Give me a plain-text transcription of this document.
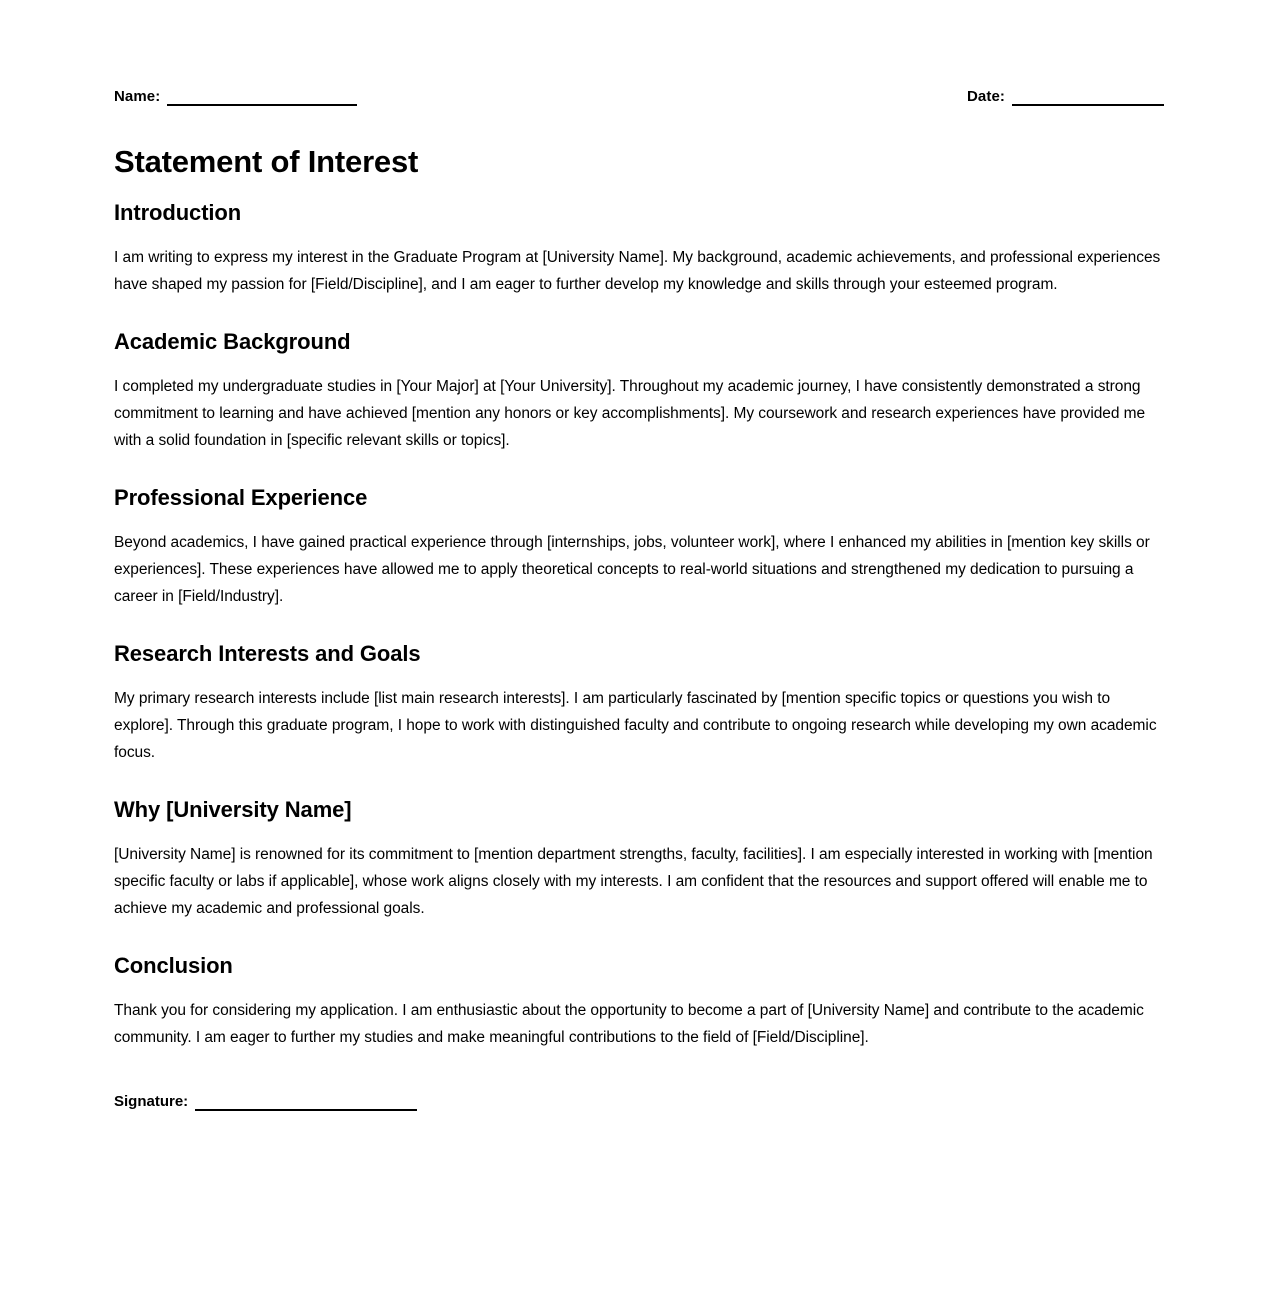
Name:	Date:
Statement of Interest
Introduction

I am writing to express my interest in the Graduate Program at [University Name]. My background, academic achievements, and professional experiences have shaped my passion for [Field/Discipline], and I am eager to further develop my knowledge and skills through your esteemed program.

Academic Background

I completed my undergraduate studies in [Your Major] at [Your University]. Throughout my academic journey, I have consistently demonstrated a strong commitment to learning and have achieved [mention any honors or key accomplishments]. My coursework and research experiences have provided me with a solid foundation in [specific relevant skills or topics].

Professional Experience

Beyond academics, I have gained practical experience through [internships, jobs, volunteer work], where I enhanced my abilities in [mention key skills or experiences]. These experiences have allowed me to apply theoretical concepts to real-world situations and strengthened my dedication to pursuing a career in [Field/Industry].

Research Interests and Goals

My primary research interests include [list main research interests]. I am particularly fascinated by [mention specific topics or questions you wish to explore]. Through this graduate program, I hope to work with distinguished faculty and contribute to ongoing research while developing my own academic focus.

Why [University Name]

[University Name] is renowned for its commitment to [mention department strengths, faculty, facilities]. I am especially interested in working with [mention specific faculty or labs if applicable], whose work aligns closely with my interests. I am confident that the resources and support offered will enable me to achieve my academic and professional goals.

Conclusion

Thank you for considering my application. I am enthusiastic about the opportunity to become a part of [University Name] and contribute to the academic community. I am eager to further my studies and make meaningful contributions to the field of [Field/Discipline].

Signature:
